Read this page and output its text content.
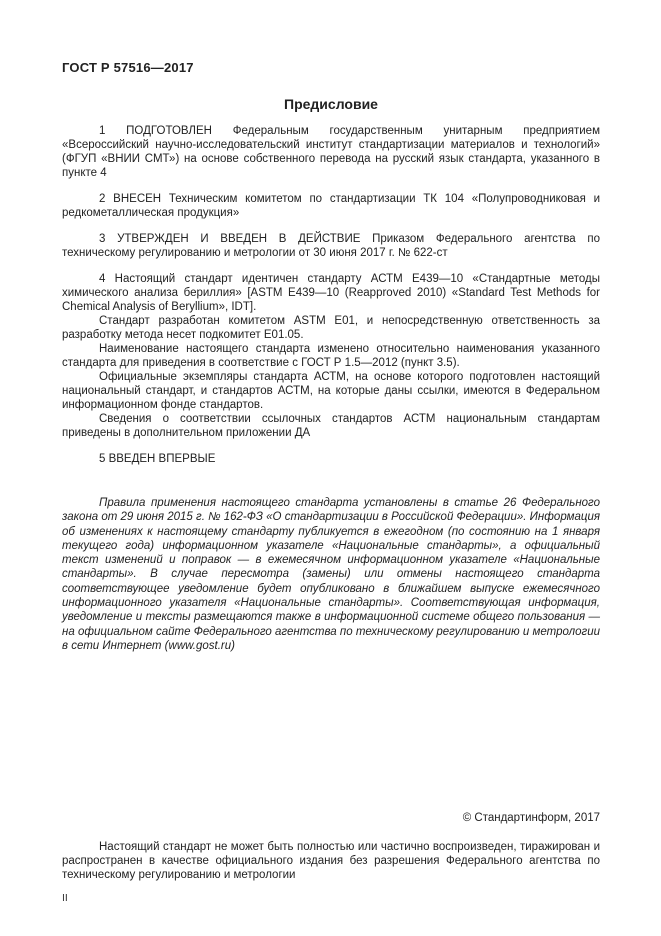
ГОСТ Р 57516—2017
Предисловие

1 ПОДГОТОВЛЕН Федеральным государственным унитарным предприятием «Всероссийский научно-исследовательский институт стандартизации материалов и технологий» (ФГУП «ВНИИ СМТ») на основе собственного перевода на русский язык стандарта, указанного в пункте 4

2 ВНЕСЕН Техническим комитетом по стандартизации ТК 104 «Полупроводниковая и редкометаллическая продукция»

3 УТВЕРЖДЕН И ВВЕДЕН В ДЕЙСТВИЕ Приказом Федерального агентства по техническому регулированию и метрологии от 30 июня 2017 г. № 622-ст

4 Настоящий стандарт идентичен стандарту АСТМ Е439—10 «Стандартные методы химического анализа бериллия» [ASTM E439—10 (Reapproved 2010) «Standard Test Methods for Chemical Analysis of Beryllium», IDT].

Стандарт разработан комитетом ASTM E01, и непосредственную ответственность за разработку метода несет подкомитет E01.05.

Наименование настоящего стандарта изменено относительно наименования указанного стандарта для приведения в соответствие с ГОСТ Р 1.5—2012 (пункт 3.5).

Официальные экземпляры стандарта АСТМ, на основе которого подготовлен настоящий национальный стандарт, и стандартов АСТМ, на которые даны ссылки, имеются в Федеральном информационном фонде стандартов.

Сведения о соответствии ссылочных стандартов АСТМ национальным стандартам приведены в дополнительном приложении ДА

5 ВВЕДЕН ВПЕРВЫЕ

Правила применения настоящего стандарта установлены в статье 26 Федерального закона от 29 июня 2015 г. № 162-ФЗ «О стандартизации в Российской Федерации». Информация об изменениях к настоящему стандарту публикуется в ежегодном (по состоянию на 1 января текущего года) информационном указателе «Национальные стандарты», а официальный текст изменений и поправок — в ежемесячном информационном указателе «Национальные стандарты». В случае пересмотра (замены) или отмены настоящего стандарта соответствующее уведомление будет опубликовано в ближайшем выпуске ежемесячного информационного указателя «Национальные стандарты». Соответствующая информация, уведомление и тексты размещаются также в информационной системе общего пользования — на официальном сайте Федерального агентства по техническому регулированию и метрологии в сети Интернет (www.gost.ru)

© Стандартинформ, 2017

Настоящий стандарт не может быть полностью или частично воспроизведен, тиражирован и распространен в качестве официального издания без разрешения Федерального агентства по техническому регулированию и метрологии

II
